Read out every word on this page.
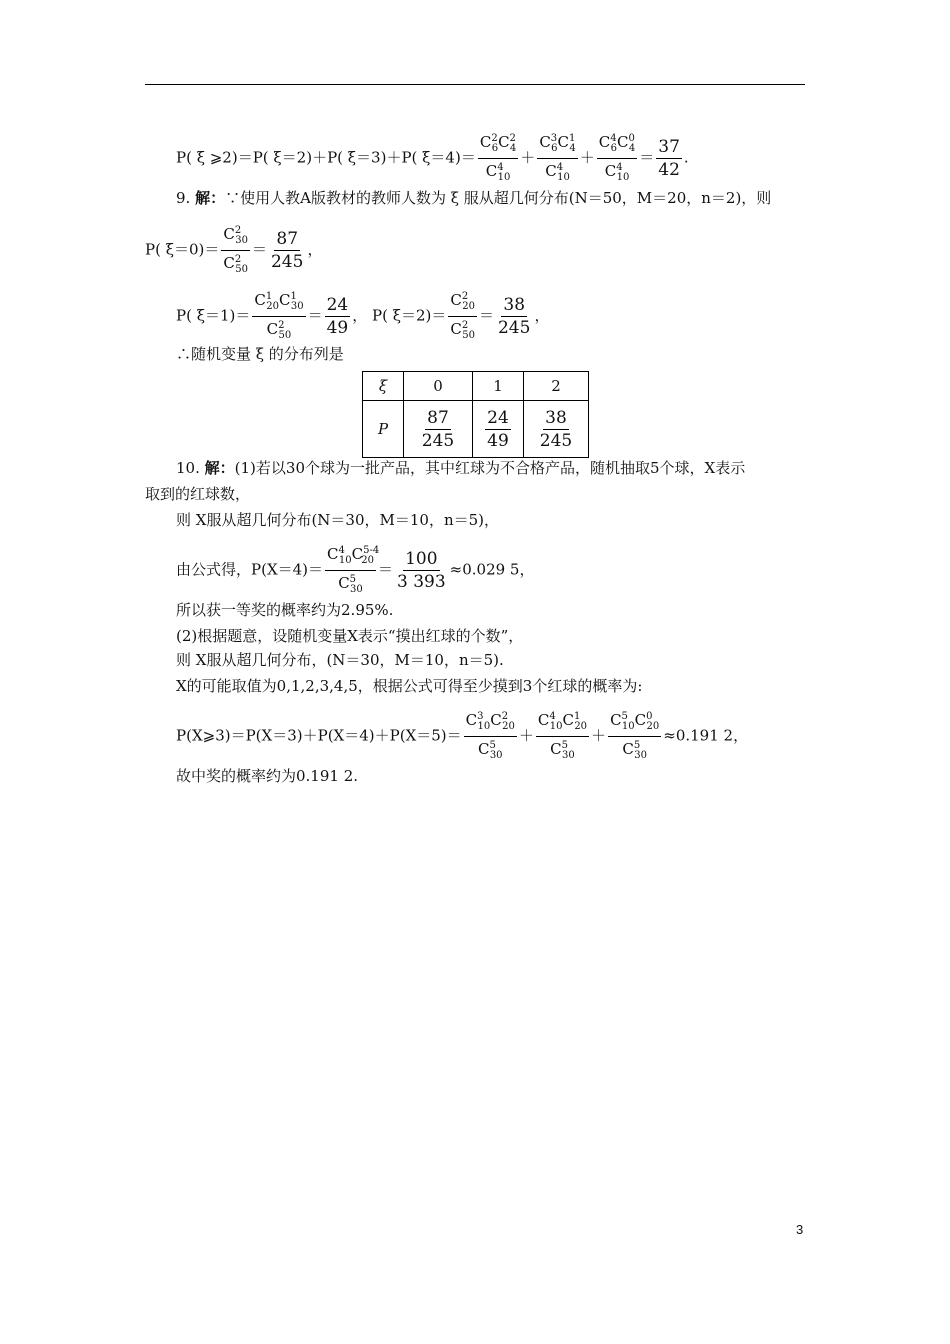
P( ξ ⩾2)＝P( ξ＝2)＋P( ξ＝3)＋P( $\xi=4)= \frac{C^2_6C^2_4}{C^4_{10}} + \frac{C^3_6C^1_4}{C^4_{10}} + \frac{C^4_6C^0_4}{C^4_{10}} = \frac{37}{42}$ .
9. 解：∵使用人教A版教材的教师人数为 ξ 服从超几何分布(N＝50，M＝20，n＝2)，则
P( $\xi=0)= \frac{C^2_{30}}{C^2_{50}} = \frac{87}{245}$ ，
P( $\xi=1)= \frac{C^1_{20}C^1_{30}}{C^2_{50}} = \frac{24}{49}$ ， P( $\xi=2)= \frac{C^2_{20}}{C^2_{50}} = \frac{38}{245}$ ，
∴随机变量 ξ 的分布列是
ξ	0	1	2
P	$\frac{87}{245}$	$\frac{24}{49}$	$\frac{38}{245}$
10. 解：(1)若以30个球为一批产品，其中红球为不合格产品，随机抽取5个球，X表示
取到的红球数，
则 X服从超几何分布(N＝30，M＝10，n＝5)，
由公式得，$P(X=4)= \frac{C^4_{10}C^{5-4}_{20}}{C^5_{30}} = \frac{100}{3 393} \approx 0.029$ 5，
所以获一等奖的概率约为2.95%.
(2)根据题意，设随机变量X表示“摸出红球的个数”，
则 X服从超几何分布，(N＝30，M＝10，n＝5).
X的可能取值为0,1,2,3,4,5，根据公式可得至少摸到3个红球的概率为:
P(X⩾3)＝P(X＝3)＋P(X＝4)＋P(X＝5)＝ $\frac{C^3_{10}C^2_{20}}{C^5_{30}} + \frac{C^4_{10}C^1_{20}}{C^5_{30}} + \frac{C^5_{10}C^0_{20}}{C^5_{30}} \approx 0.191$ 2，
故中奖的概率约为0.191 2.
3
